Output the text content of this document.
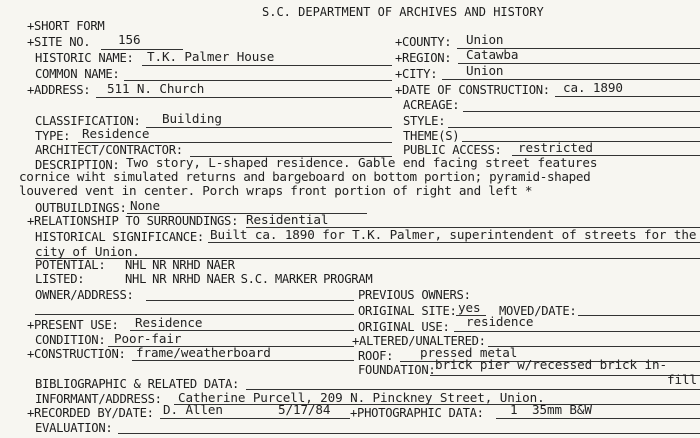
S.C. DEPARTMENT OF ARCHIVES AND HISTORY
+SHORT FORM
+SITE NO. 156	+COUNTY: Union
HISTORIC NAME: T.K. Palmer House	+REGION: Catawba
COMMON NAME:	+CITY: Union
+ADDRESS: 511 N. Church	+DATE OF CONSTRUCTION: ca. 1890
ACREAGE:
CLASSIFICATION: Building	STYLE:
TYPE: Residence	THEME(S)
ARCHITECT/CONTRACTOR:	PUBLIC ACCESS: restricted
DESCRIPTION: Two story, L-shaped residence. Gable end facing street features
cornice wiht simulated returns and bargeboard on bottom portion; pyramid-shaped
louvered vent in center. Porch wraps front portion of right and left *
OUTBUILDINGS: None
+RELATIONSHIP TO SURROUNDINGS: Residential
HISTORICAL SIGNIFICANCE: Built ca. 1890 for T.K. Palmer, superintendent of streets for the
city of Union.
POTENTIAL: NHL NR NRHD NAER
LISTED:	NHL NR NRHD NAER S.C. MARKER PROGRAM
OWNER/ADDRESS:	PREVIOUS OWNERS:
ORIGINAL SITE: yes MOVED/DATE:
+PRESENT USE: Residence	ORIGINAL USE: residence
CONDITION: Poor-fair	+ALTERED/UNALTERED:
+CONSTRUCTION: frame/weatherboard	ROOF: pressed metal
FOUNDATION: brick pier w/recessed brick in-
fill
BIBLIOGRAPHIC & RELATED DATA:
INFORMANT/ADDRESS: Catherine Purcell, 209 N. Pinckney Street, Union.
+RECORDED BY/DATE: D. Allen	5/17/84 +PHOTOGRAPHIC DATA: 1 35mm B&W
EVALUATION:
